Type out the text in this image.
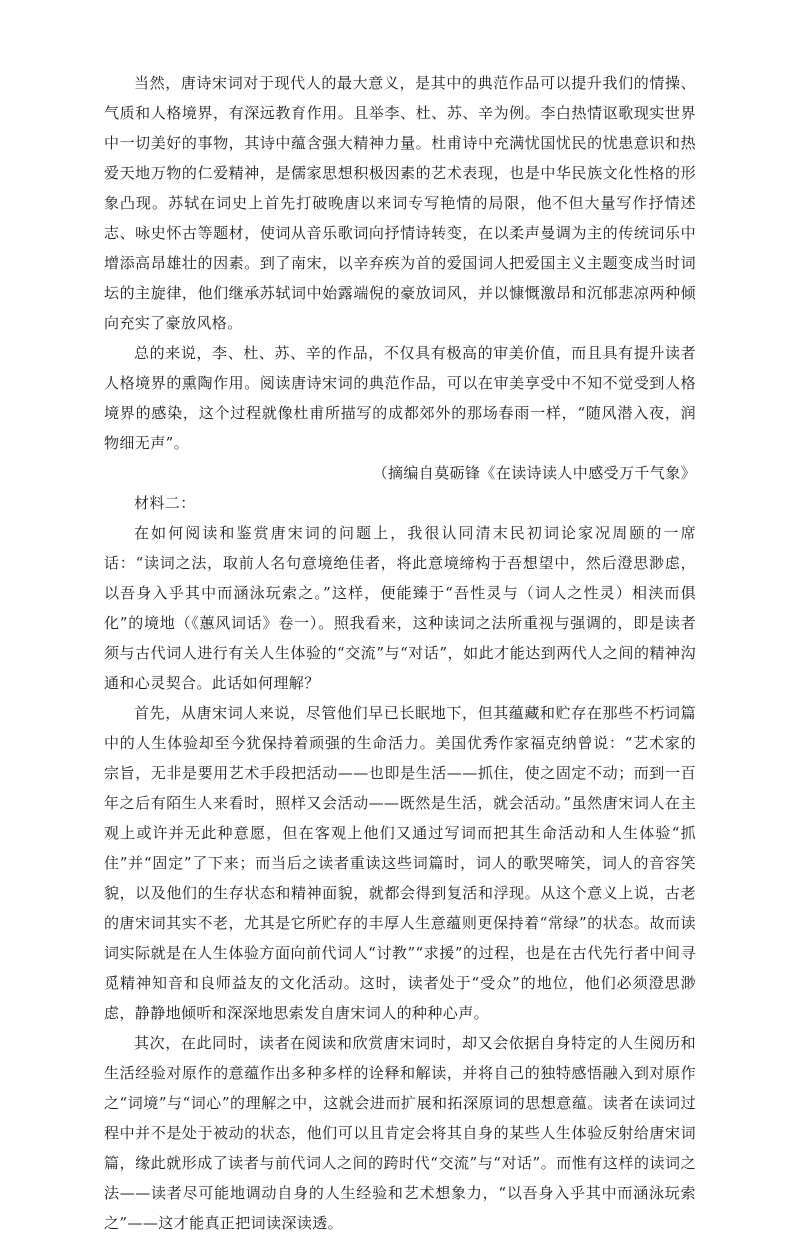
当然，唐诗宋词对于现代人的最大意义，是其中的典范作品可以提升我们的情操、气质和人格境界，有深远教育作用。且举李、杜、苏、辛为例。李白热情讴歌现实世界中一切美好的事物，其诗中蕴含强大精神力量。杜甫诗中充满忧国忧民的忧患意识和热爱天地万物的仁爱精神，是儒家思想积极因素的艺术表现，也是中华民族文化性格的形象凸现。苏轼在词史上首先打破晚唐以来词专写艳情的局限，他不但大量写作抒情述志、咏史怀古等题材，使词从音乐歌词向抒情诗转变，在以柔声曼调为主的传统词乐中增添高昂雄壮的因素。到了南宋，以辛弃疾为首的爱国词人把爱国主义主题变成当时词坛的主旋律，他们继承苏轼词中始露端倪的豪放词风，并以慷慨激昂和沉郁悲凉两种倾向充实了豪放风格。

总的来说，李、杜、苏、辛的作品，不仅具有极高的审美价值，而且具有提升读者人格境界的熏陶作用。阅读唐诗宋词的典范作品，可以在审美享受中不知不觉受到人格境界的感染，这个过程就像杜甫所描写的成都郊外的那场春雨一样，“随风潜入夜，润物细无声”。

（摘编自莫砺锋《在读诗读人中感受万千气象》

材料二：

在如何阅读和鉴赏唐宋词的问题上，我很认同清末民初词论家况周颐的一席话：“读词之法，取前人名句意境绝佳者，将此意境缔构于吾想望中，然后澄思渺虑，以吾身入乎其中而涵泳玩索之。”这样，便能臻于“吾性灵与（词人之性灵）相浃而俱化”的境地（《蕙风词话》卷一）。照我看来，这种读词之法所重视与强调的，即是读者须与古代词人进行有关人生体验的“交流”与“对话”，如此才能达到两代人之间的精神沟通和心灵契合。此话如何理解？

首先，从唐宋词人来说，尽管他们早已长眠地下，但其蕴藏和贮存在那些不朽词篇中的人生体验却至今犹保持着顽强的生命活力。美国优秀作家福克纳曾说：“艺术家的宗旨，无非是要用艺术手段把活动——也即是生活——抓住，使之固定不动；而到一百年之后有陌生人来看时，照样又会活动——既然是生活，就会活动。”虽然唐宋词人在主观上或许并无此种意愿，但在客观上他们又通过写词而把其生命活动和人生体验“抓住”并“固定”了下来；而当后之读者重读这些词篇时，词人的歌哭啼笑，词人的音容笑貌，以及他们的生存状态和精神面貌，就都会得到复活和浮现。从这个意义上说，古老的唐宋词其实不老，尤其是它所贮存的丰厚人生意蕴则更保持着“常绿”的状态。故而读词实际就是在人生体验方面向前代词人“讨教”“求援”的过程，也是在古代先行者中间寻觅精神知音和良师益友的文化活动。这时，读者处于“受众”的地位，他们必须澄思渺虑，静静地倾听和深深地思索发自唐宋词人的种种心声。

其次，在此同时，读者在阅读和欣赏唐宋词时，却又会依据自身特定的人生阅历和生活经验对原作的意蕴作出多种多样的诠释和解读，并将自己的独特感悟融入到对原作之“词境”与“词心”的理解之中，这就会进而扩展和拓深原词的思想意蕴。读者在读词过程中并不是处于被动的状态，他们可以且肯定会将其自身的某些人生体验反射给唐宋词篇，缘此就形成了读者与前代词人之间的跨时代“交流”与“对话”。而惟有这样的读词之法——读者尽可能地调动自身的人生经验和艺术想象力，“以吾身入乎其中而涵泳玩索之”——这才能真正把词读深读透。
